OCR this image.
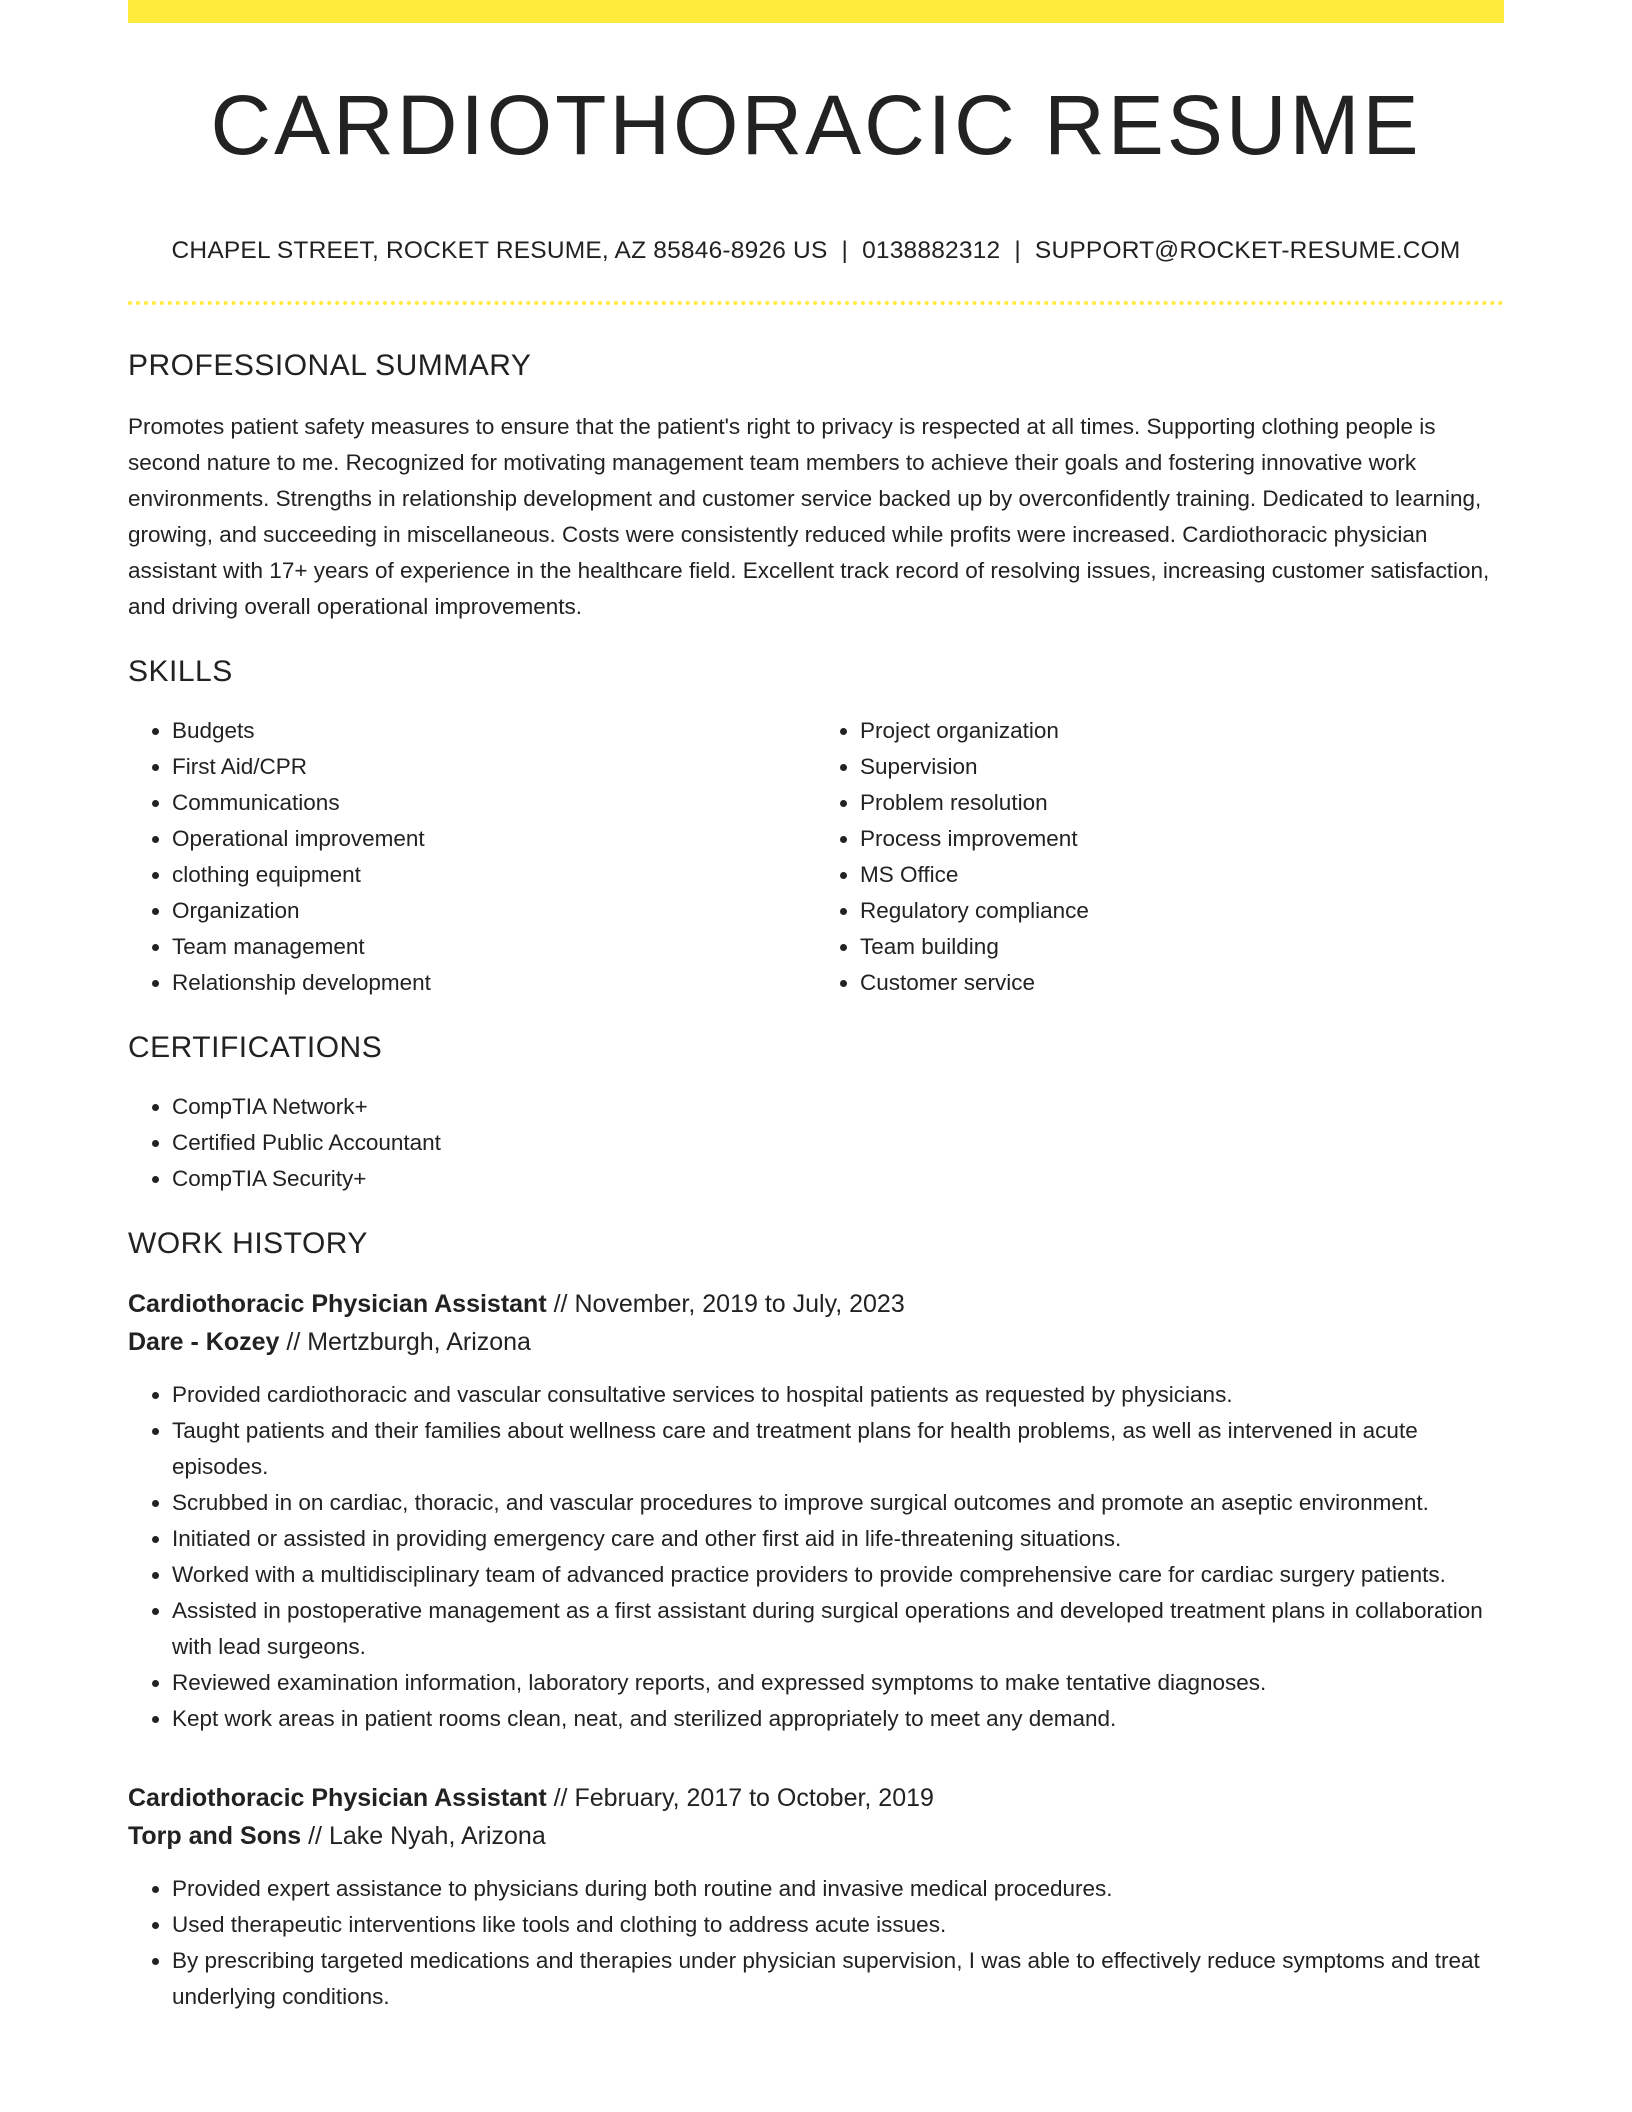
CARDIOTHORACIC RESUME
CHAPEL STREET, ROCKET RESUME, AZ 85846-8926 US | 0138882312 | SUPPORT@ROCKET-RESUME.COM
PROFESSIONAL SUMMARY

Promotes patient safety measures to ensure that the patient's right to privacy is respected at all times. Supporting clothing people is second nature to me. Recognized for motivating management team members to achieve their goals and fostering innovative work environments. Strengths in relationship development and customer service backed up by overconfidently training. Dedicated to learning, growing, and succeeding in miscellaneous. Costs were consistently reduced while profits were increased. Cardiothoracic physician assistant with 17+ years of experience in the healthcare field. Excellent track record of resolving issues, increasing customer satisfaction, and driving overall operational improvements.

SKILLS
• Budgets
• First Aid/CPR
• Communications
• Operational improvement
• clothing equipment
• Organization
• Team management
• Relationship development
• Project organization
• Supervision
• Problem resolution
• Process improvement
• MS Office
• Regulatory compliance
• Team building
• Customer service
CERTIFICATIONS
• CompTIA Network+
• Certified Public Accountant
• CompTIA Security+
WORK HISTORY
Cardiothoracic Physician Assistant // November, 2019 to July, 2023
Dare - Kozey // Mertzburgh, Arizona
• Provided cardiothoracic and vascular consultative services to hospital patients as requested by physicians.
• Taught patients and their families about wellness care and treatment plans for health problems, as well as intervened in acute episodes.
• Scrubbed in on cardiac, thoracic, and vascular procedures to improve surgical outcomes and promote an aseptic environment.
• Initiated or assisted in providing emergency care and other first aid in life-threatening situations.
• Worked with a multidisciplinary team of advanced practice providers to provide comprehensive care for cardiac surgery patients.
• Assisted in postoperative management as a first assistant during surgical operations and developed treatment plans in collaboration with lead surgeons.
• Reviewed examination information, laboratory reports, and expressed symptoms to make tentative diagnoses.
• Kept work areas in patient rooms clean, neat, and sterilized appropriately to meet any demand.
Cardiothoracic Physician Assistant // February, 2017 to October, 2019
Torp and Sons // Lake Nyah, Arizona
• Provided expert assistance to physicians during both routine and invasive medical procedures.
• Used therapeutic interventions like tools and clothing to address acute issues.
• By prescribing targeted medications and therapies under physician supervision, I was able to effectively reduce symptoms and treat underlying conditions.
